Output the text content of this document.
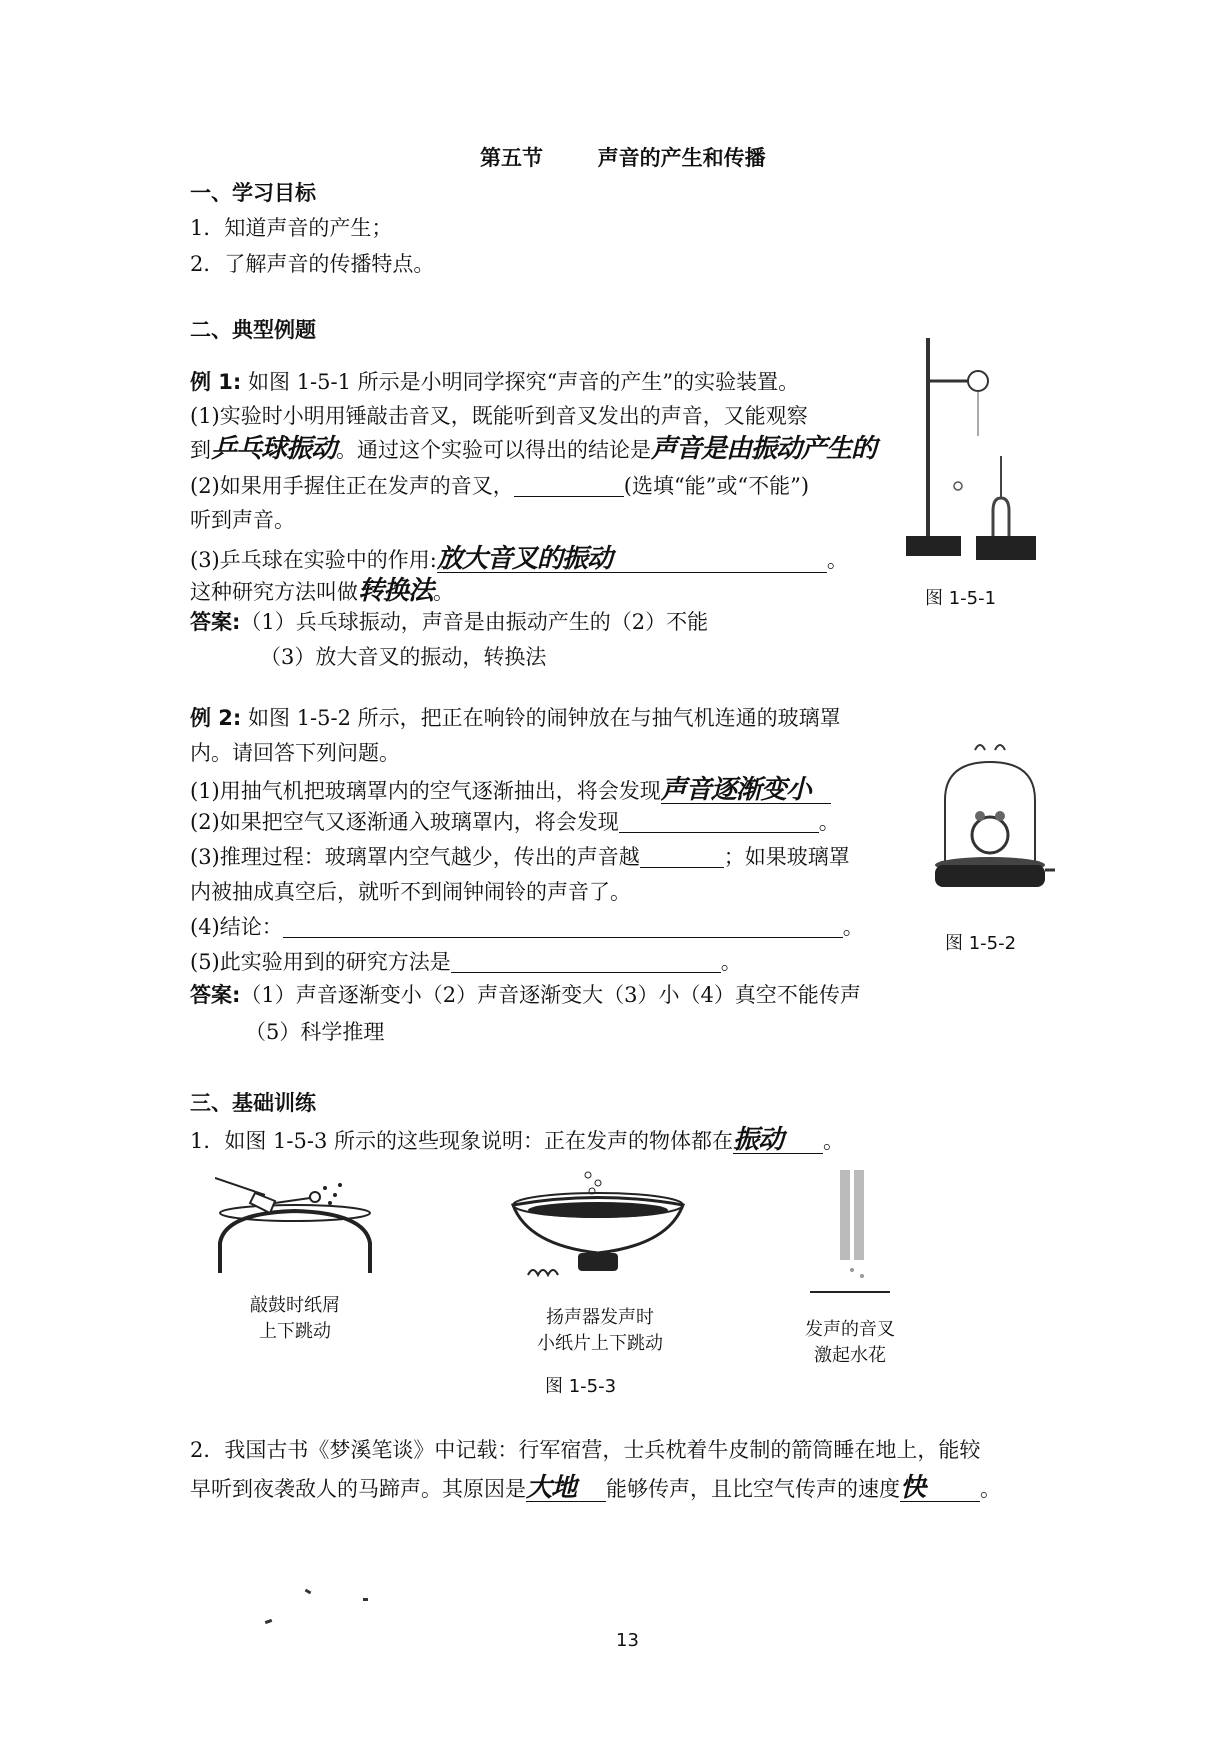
第五节	声音的产生和传播
一、学习目标
1．知道声音的产生；
2．了解声音的传播特点。
二、典型例题
例 1: 如图 1-5-1 所示是小明同学探究“声音的产生”的实验装置。
(1)实验时小明用锤敲击音叉，既能听到音叉发出的声音，又能观察
到乒乓球振动。通过这个实验可以得出的结论是声音是由振动产生的
(2)如果用手握住正在发声的音叉，	(选填“能”或“不能”)
听到声音。
(3)乒乓球在实验中的作用:放大音叉的振动	。
这种研究方法叫做转换法。
答案:（1）兵乓球振动，声音是由振动产生的（2）不能
（3）放大音叉的振动，转换法
图 1-5-1
例 2: 如图 1-5-2 所示，把正在响铃的闹钟放在与抽气机连通的玻璃罩
内。请回答下列问题。
(1)用抽气机把玻璃罩内的空气逐渐抽出，将会发现声音逐渐变小
(2)如果把空气又逐渐通入玻璃罩内，将会发现	。
(3)推理过程：玻璃罩内空气越少，传出的声音越	；如果玻璃罩
内被抽成真空后，就听不到闹钟闹铃的声音了。
(4)结论：	。
(5)此实验用到的研究方法是	。
答案:（1）声音逐渐变小（2）声音逐渐变大（3）小（4）真空不能传声
（5）科学推理
图 1-5-2
三、基础训练
1．如图 1-5-3 所示的这些现象说明：正在发声的物体都在振动 。
敲鼓时纸屑
上下跳动
扬声器发声时
小纸片上下跳动
发声的音叉
激起水花
图 1-5-3
2．我国古书《梦溪笔谈》中记载：行军宿营，士兵枕着牛皮制的箭筒睡在地上，能较
早听到夜袭敌人的马蹄声。其原因是大地 能够传声，且比空气传声的速度快	。
13
